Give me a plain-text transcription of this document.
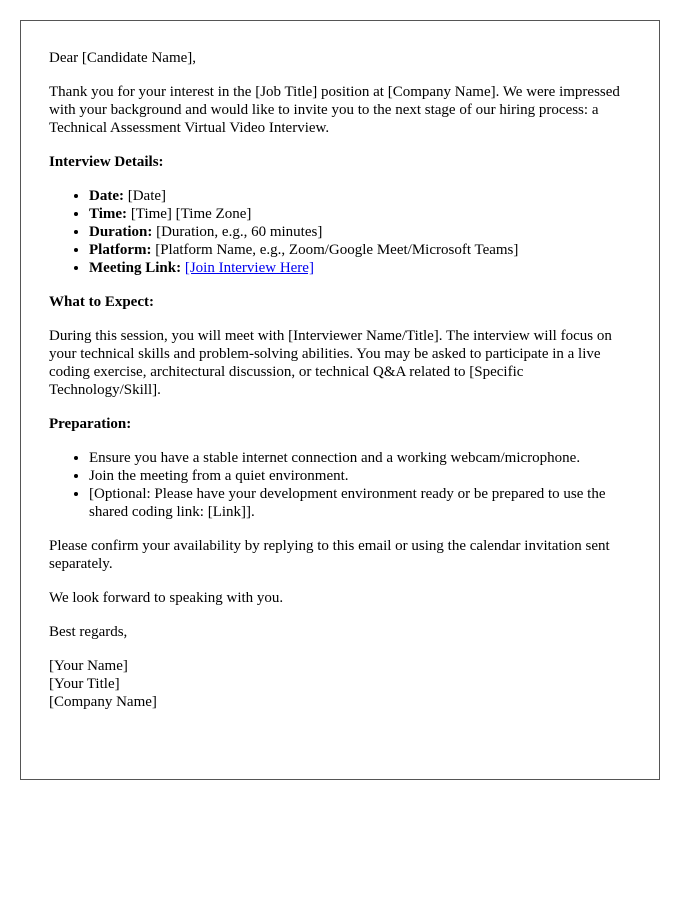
Dear [Candidate Name],

Thank you for your interest in the [Job Title] position at [Company Name]. We were impressed with your background and would like to invite you to the next stage of our hiring process: a Technical Assessment Virtual Video Interview.

Interview Details:

• Date: [Date]
• Time: [Time] [Time Zone]
• Duration: [Duration, e.g., 60 minutes]
• Platform: [Platform Name, e.g., Zoom/Google Meet/Microsoft Teams]
• Meeting Link: [Join Interview Here]

What to Expect:

During this session, you will meet with [Interviewer Name/Title]. The interview will focus on your technical skills and problem-solving abilities. You may be asked to participate in a live coding exercise, architectural discussion, or technical Q&A related to [Specific Technology/Skill].

Preparation:

• Ensure you have a stable internet connection and a working webcam/microphone.
• Join the meeting from a quiet environment.
• [Optional: Please have your development environment ready or be prepared to use the shared coding link: [Link]].

Please confirm your availability by replying to this email or using the calendar invitation sent separately.

We look forward to speaking with you.

Best regards,

[Your Name]
[Your Title]
[Company Name]
